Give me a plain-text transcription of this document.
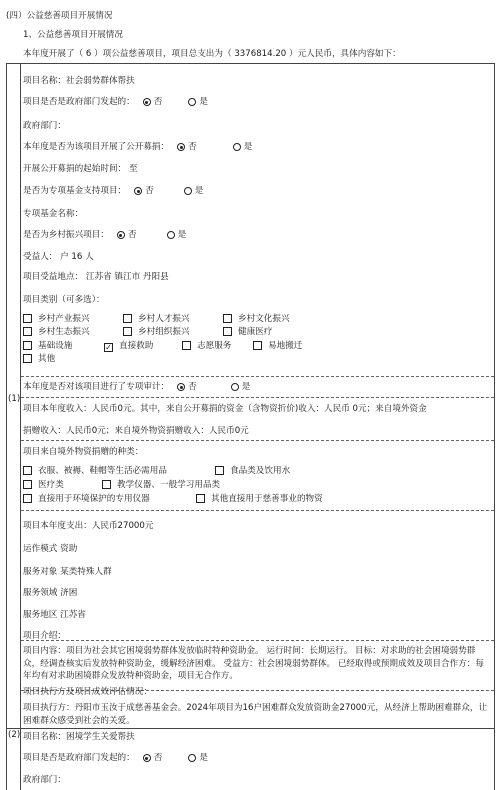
(四）公益慈善项目开展情况
1、公益慈善项目开展情况
本年度开展了（ 6 ）项公益慈善项目，项目总支出为（ 3376814.20 ）元人民币，具体内容如下：
(1)
(2)
项目名称：社会弱势群体帮扶
项目是否是政府部门发起的： 否	是
政府部门：
本年度是否为该项目开展了公开募捐： 否	是
开展公开募捐的起始时间： 至
是否为专项基金支持项目： 否	是
专项基金名称：
是否为乡村振兴项目： 否	是
受益人： 户 16 人
项目受益地点： 江苏省 镇江市 丹阳县
项目类别（可多选）：
乡村产业振兴	乡村人才振兴	乡村文化振兴
乡村生态振兴	乡村组织振兴	健康医疗
基础设施	✓ 直接救助	志愿服务	易地搬迁
其他
本年度是否对该项目进行了专项审计： 否	是
项目本年度收入：人民币0元。其中，来自公开募捐的资金（含物资折价)收入：人民币 0元；来自境外资金
捐赠收入：人民币0元；来自境外物资捐赠收入：人民币0元
项目来自境外物资捐赠的种类：
衣服、被褥、鞋帽等生活必需用品	食品类及饮用水
医疗类	教学仪器、一般学习用品类
直接用于环境保护的专用仪器	其他直接用于慈善事业的物资
项目本年度支出：人民币27000元
运作模式 资助
服务对象 某类特殊人群
服务领域 济困
服务地区 江苏省
项目介绍：
项目内容：项目为社会其它困境弱势群体发放临时特种资助金。 运行时间：长期运行。 目标：对求助的社会困境弱势群众，经调查核实后发放特种资助金，缓解经济困难。 受益方：社会困境弱势群体。 已经取得或预期成效及项目合作方：每年均有对求助困境群众发放特种资助金，项目无合作方。
项目执行方及项目成效评估情况：
项目执行方：丹阳市玉汝于成慈善基金会。2024年项目为16户困难群众发放资助金27000元，从经济上帮助困难群众，让困难群众感受到社会的关爱。
项目名称：困境学生关爱帮扶
项目是否是政府部门发起的： 否	是
政府部门：
